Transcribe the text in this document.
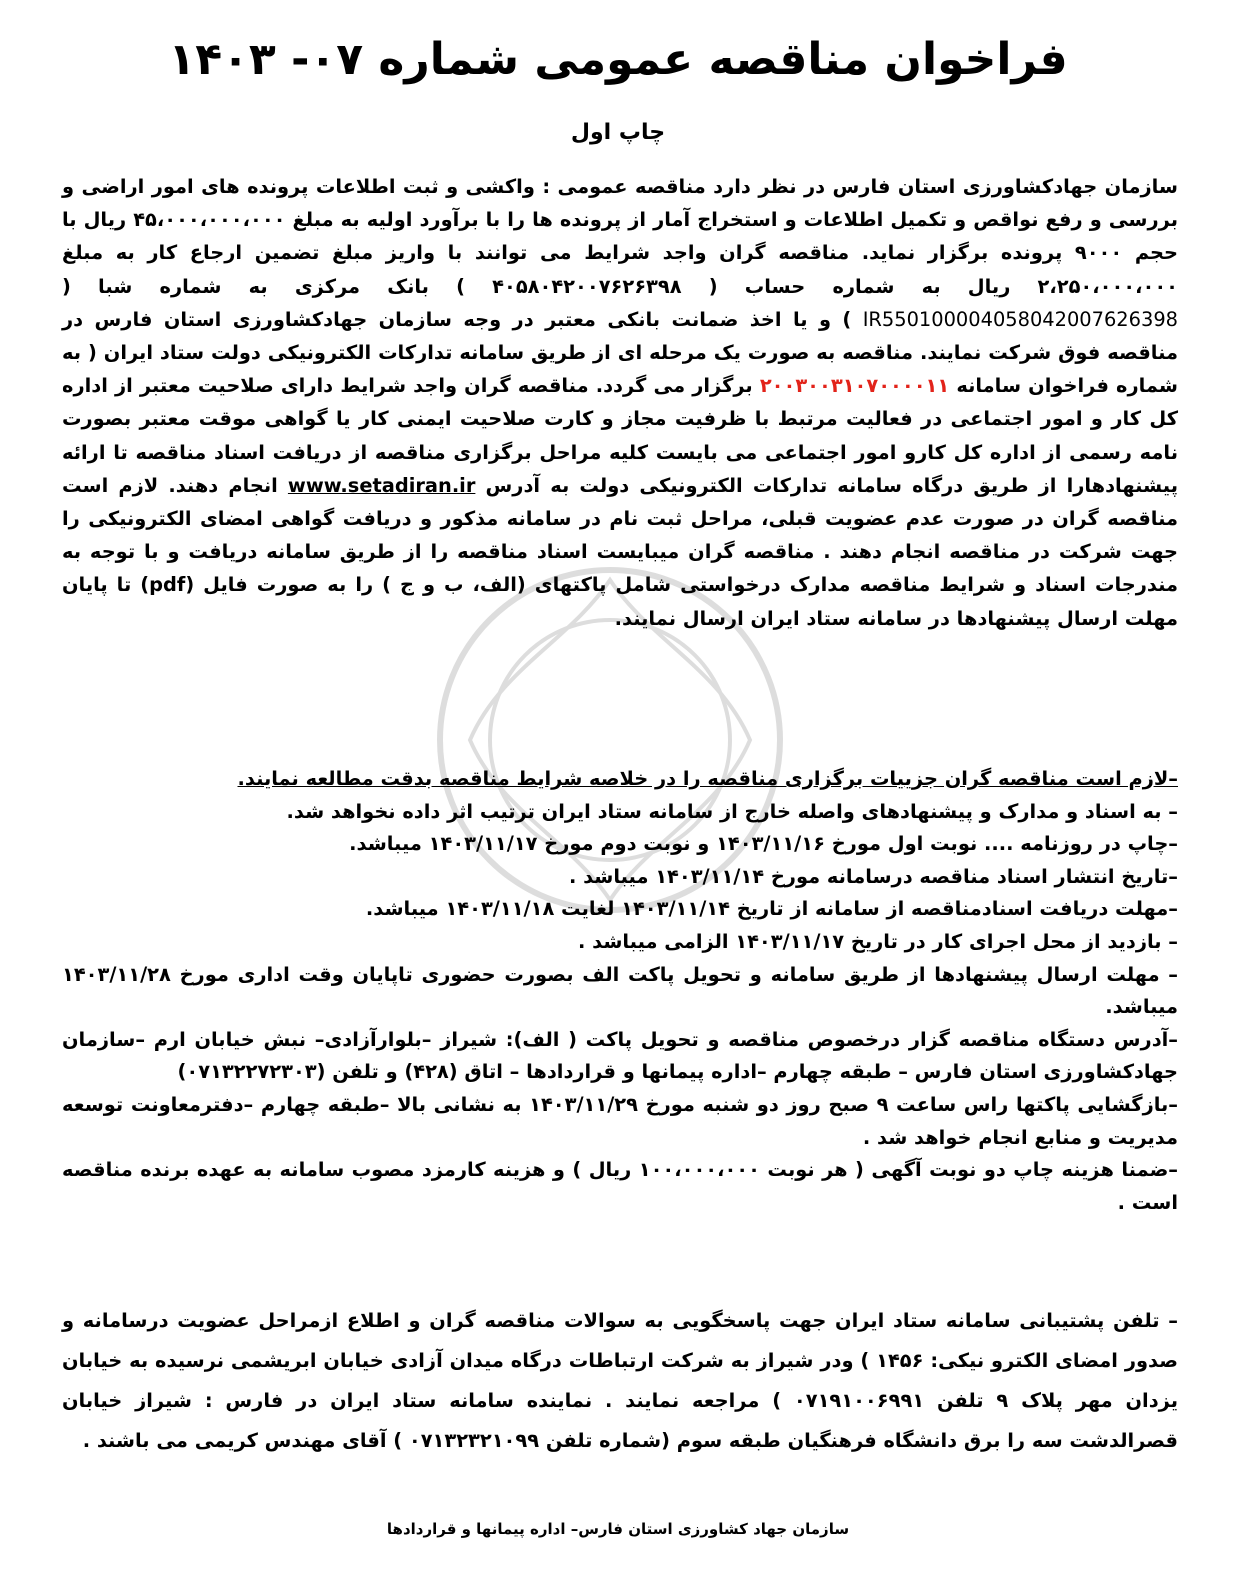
فراخوان مناقصه عمومی شماره ۰۷- ۱۴۰۳
چاپ اول
سازمان جهادکشاورزی استان فارس در نظر دارد مناقصه عمومی : واکشی و ثبت اطلاعات پرونده های امور اراضی و بررسی و رفع نواقص و تکمیل اطلاعات و استخراج آمار از پرونده ها را با برآورد اولیه به مبلغ ۴۵،۰۰۰،۰۰۰،۰۰۰ ریال با حجم ۹۰۰۰ پرونده برگزار نماید. مناقصه گران واجد شرایط می توانند با واریز مبلغ تضمین ارجاع کار به مبلغ ۲،۲۵۰،۰۰۰،۰۰۰ ریال به شماره حساب ( ۴۰۵۸۰۴۲۰۰۷۶۲۶۳۹۸ ) بانک مرکزی به شماره شبا ( IR550100004058042007626398 ) و یا اخذ ضمانت بانکی معتبر در وجه سازمان جهادکشاورزی استان فارس در مناقصه فوق شرکت نمایند. مناقصه به صورت یک مرحله ای از طریق سامانه تدارکات الکترونیکی دولت ستاد ایران ( به شماره فراخوان سامانه ۲۰۰۳۰۰۳۱۰۷۰۰۰۰۱۱ برگزار می گردد. مناقصه گران واجد شرایط دارای صلاحیت معتبر از اداره کل کار و امور اجتماعی در فعالیت مرتبط با ظرفیت مجاز و کارت صلاحیت ایمنی کار یا گواهی موقت معتبر بصورت نامه رسمی از اداره کل کارو امور اجتماعی می بایست کلیه مراحل برگزاری مناقصه از دریافت اسناد مناقصه تا ارائه پیشنهادهارا از طریق درگاه سامانه تدارکات الکترونیکی دولت به آدرس www.setadiran.ir انجام دهند. لازم است مناقصه گران در صورت عدم عضویت قبلی، مراحل ثبت نام در سامانه مذکور و دریافت گواهی امضای الکترونیکی را جهت شرکت در مناقصه انجام دهند . مناقصه گران میبایست اسناد مناقصه را از طریق سامانه دریافت و با توجه به مندرجات اسناد و شرایط مناقصه مدارک درخواستی شامل پاکتهای (الف، ب و ج ) را به صورت فایل (pdf) تا پایان مهلت ارسال پیشنهادها در سامانه ستاد ایران ارسال نمایند.

–لازم است مناقصه گران جزییات برگزاری مناقصه را در خلاصه شرایط مناقصه بدقت مطالعه نمایند.

– به اسناد و مدارک و پیشنهادهای واصله خارج از سامانه ستاد ایران ترتیب اثر داده نخواهد شد.

–چاپ در روزنامه .... نوبت اول مورخ ۱۴۰۳/۱۱/۱۶ و نوبت دوم مورخ ۱۴۰۳/۱۱/۱۷ میباشد.

–تاریخ انتشار اسناد مناقصه درسامانه مورخ ۱۴۰۳/۱۱/۱۴ میباشد .

–مهلت دریافت اسنادمناقصه از سامانه از تاریخ ۱۴۰۳/۱۱/۱۴ لغایت ۱۴۰۳/۱۱/۱۸ میباشد.

– بازدید از محل اجرای کار در تاریخ ۱۴۰۳/۱۱/۱۷ الزامی میباشد .

– مهلت ارسال پیشنهادها از طریق سامانه و تحویل پاکت الف بصورت حضوری تاپایان وقت اداری مورخ ۱۴۰۳/۱۱/۲۸ میباشد.

–آدرس دستگاه مناقصه گزار درخصوص مناقصه و تحویل پاکت ( الف): شیراز –بلوارآزادی– نبش خیابان ارم –سازمان جهادکشاورزی استان فارس – طبقه چهارم –اداره پیمانها و قراردادها – اتاق (۴۲۸) و تلفن (۰۷۱۳۲۲۷۲۳۰۳)

–بازگشایی پاکتها راس ساعت ۹ صبح روز دو شنبه مورخ ۱۴۰۳/۱۱/۲۹ به نشانی بالا –طبقه چهارم –دفترمعاونت توسعه مدیریت و منابع انجام خواهد شد .

–ضمنا هزینه چاپ دو نوبت آگهی ( هر نوبت ۱۰۰،۰۰۰،۰۰۰ ریال ) و هزینه کارمزد مصوب سامانه به عهده برنده مناقصه است .

– تلفن پشتیبانی سامانه ستاد ایران جهت پاسخگویی به سوالات مناقصه گران و اطلاع ازمراحل عضویت درسامانه و صدور امضای الکترو نیکی: ۱۴۵۶ ) ودر شیراز به شرکت ارتباطات درگاه میدان آزادی خیابان ابریشمی نرسیده به خیابان یزدان مهر پلاک ۹ تلفن ۰۷۱۹۱۰۰۶۹۹۱ ) مراجعه نمایند . نماینده سامانه ستاد ایران در فارس : شیراز خیابان قصرالدشت سه را برق دانشگاه فرهنگیان طبقه سوم (شماره تلفن ۰۷۱۳۲۳۲۱۰۹۹ ) آقای مهندس کریمی می باشند .
سازمان جهاد کشاورزی استان فارس– اداره پیمانها و قراردادها
